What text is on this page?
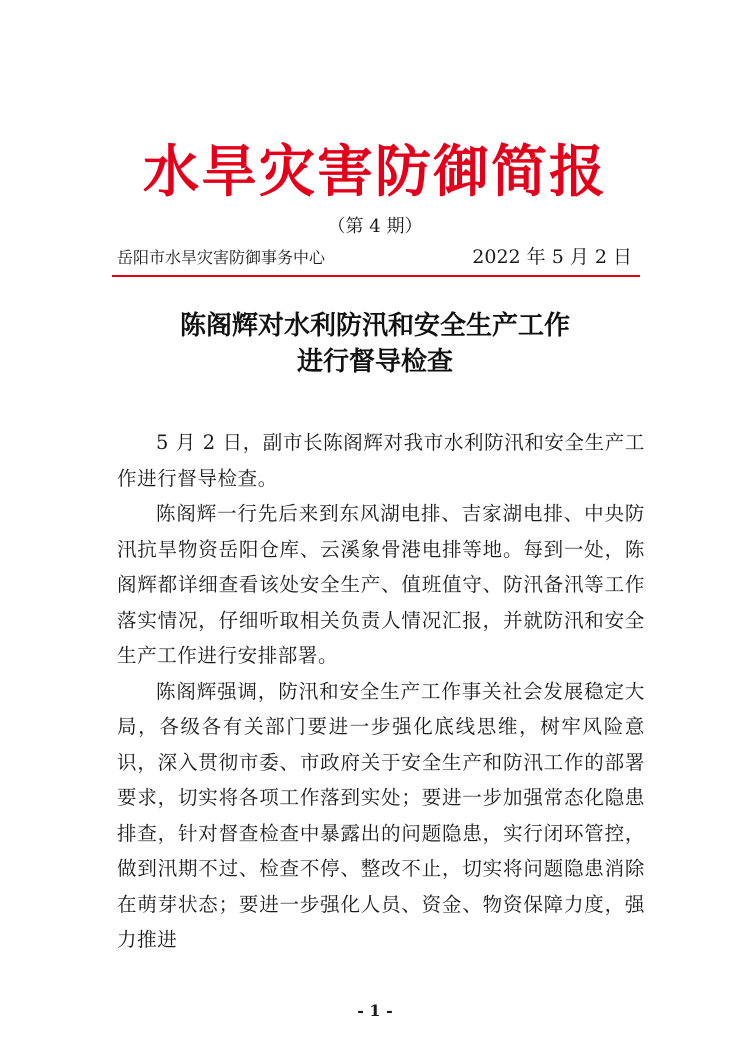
水旱灾害防御简报
（第 4 期）
岳阳市水旱灾害防御事务中心	2022 年 5 月 2 日
陈阁辉对水利防汛和安全生产工作
进行督导检查

5 月 2 日，副市长陈阁辉对我市水利防汛和安全生产工作进行督导检查。

陈阁辉一行先后来到东风湖电排、吉家湖电排、中央防汛抗旱物资岳阳仓库、云溪象骨港电排等地。每到一处，陈阁辉都详细查看该处安全生产、值班值守、防汛备汛等工作落实情况，仔细听取相关负责人情况汇报，并就防汛和安全生产工作进行安排部署。

陈阁辉强调，防汛和安全生产工作事关社会发展稳定大局，各级各有关部门要进一步强化底线思维，树牢风险意识，深入贯彻市委、市政府关于安全生产和防汛工作的部署要求，切实将各项工作落到实处；要进一步加强常态化隐患排查，针对督查检查中暴露出的问题隐患，实行闭环管控，做到汛期不过、检查不停、整改不止，切实将问题隐患消除在萌芽状态；要进一步强化人员、资金、物资保障力度，强力推进

- 1 -
